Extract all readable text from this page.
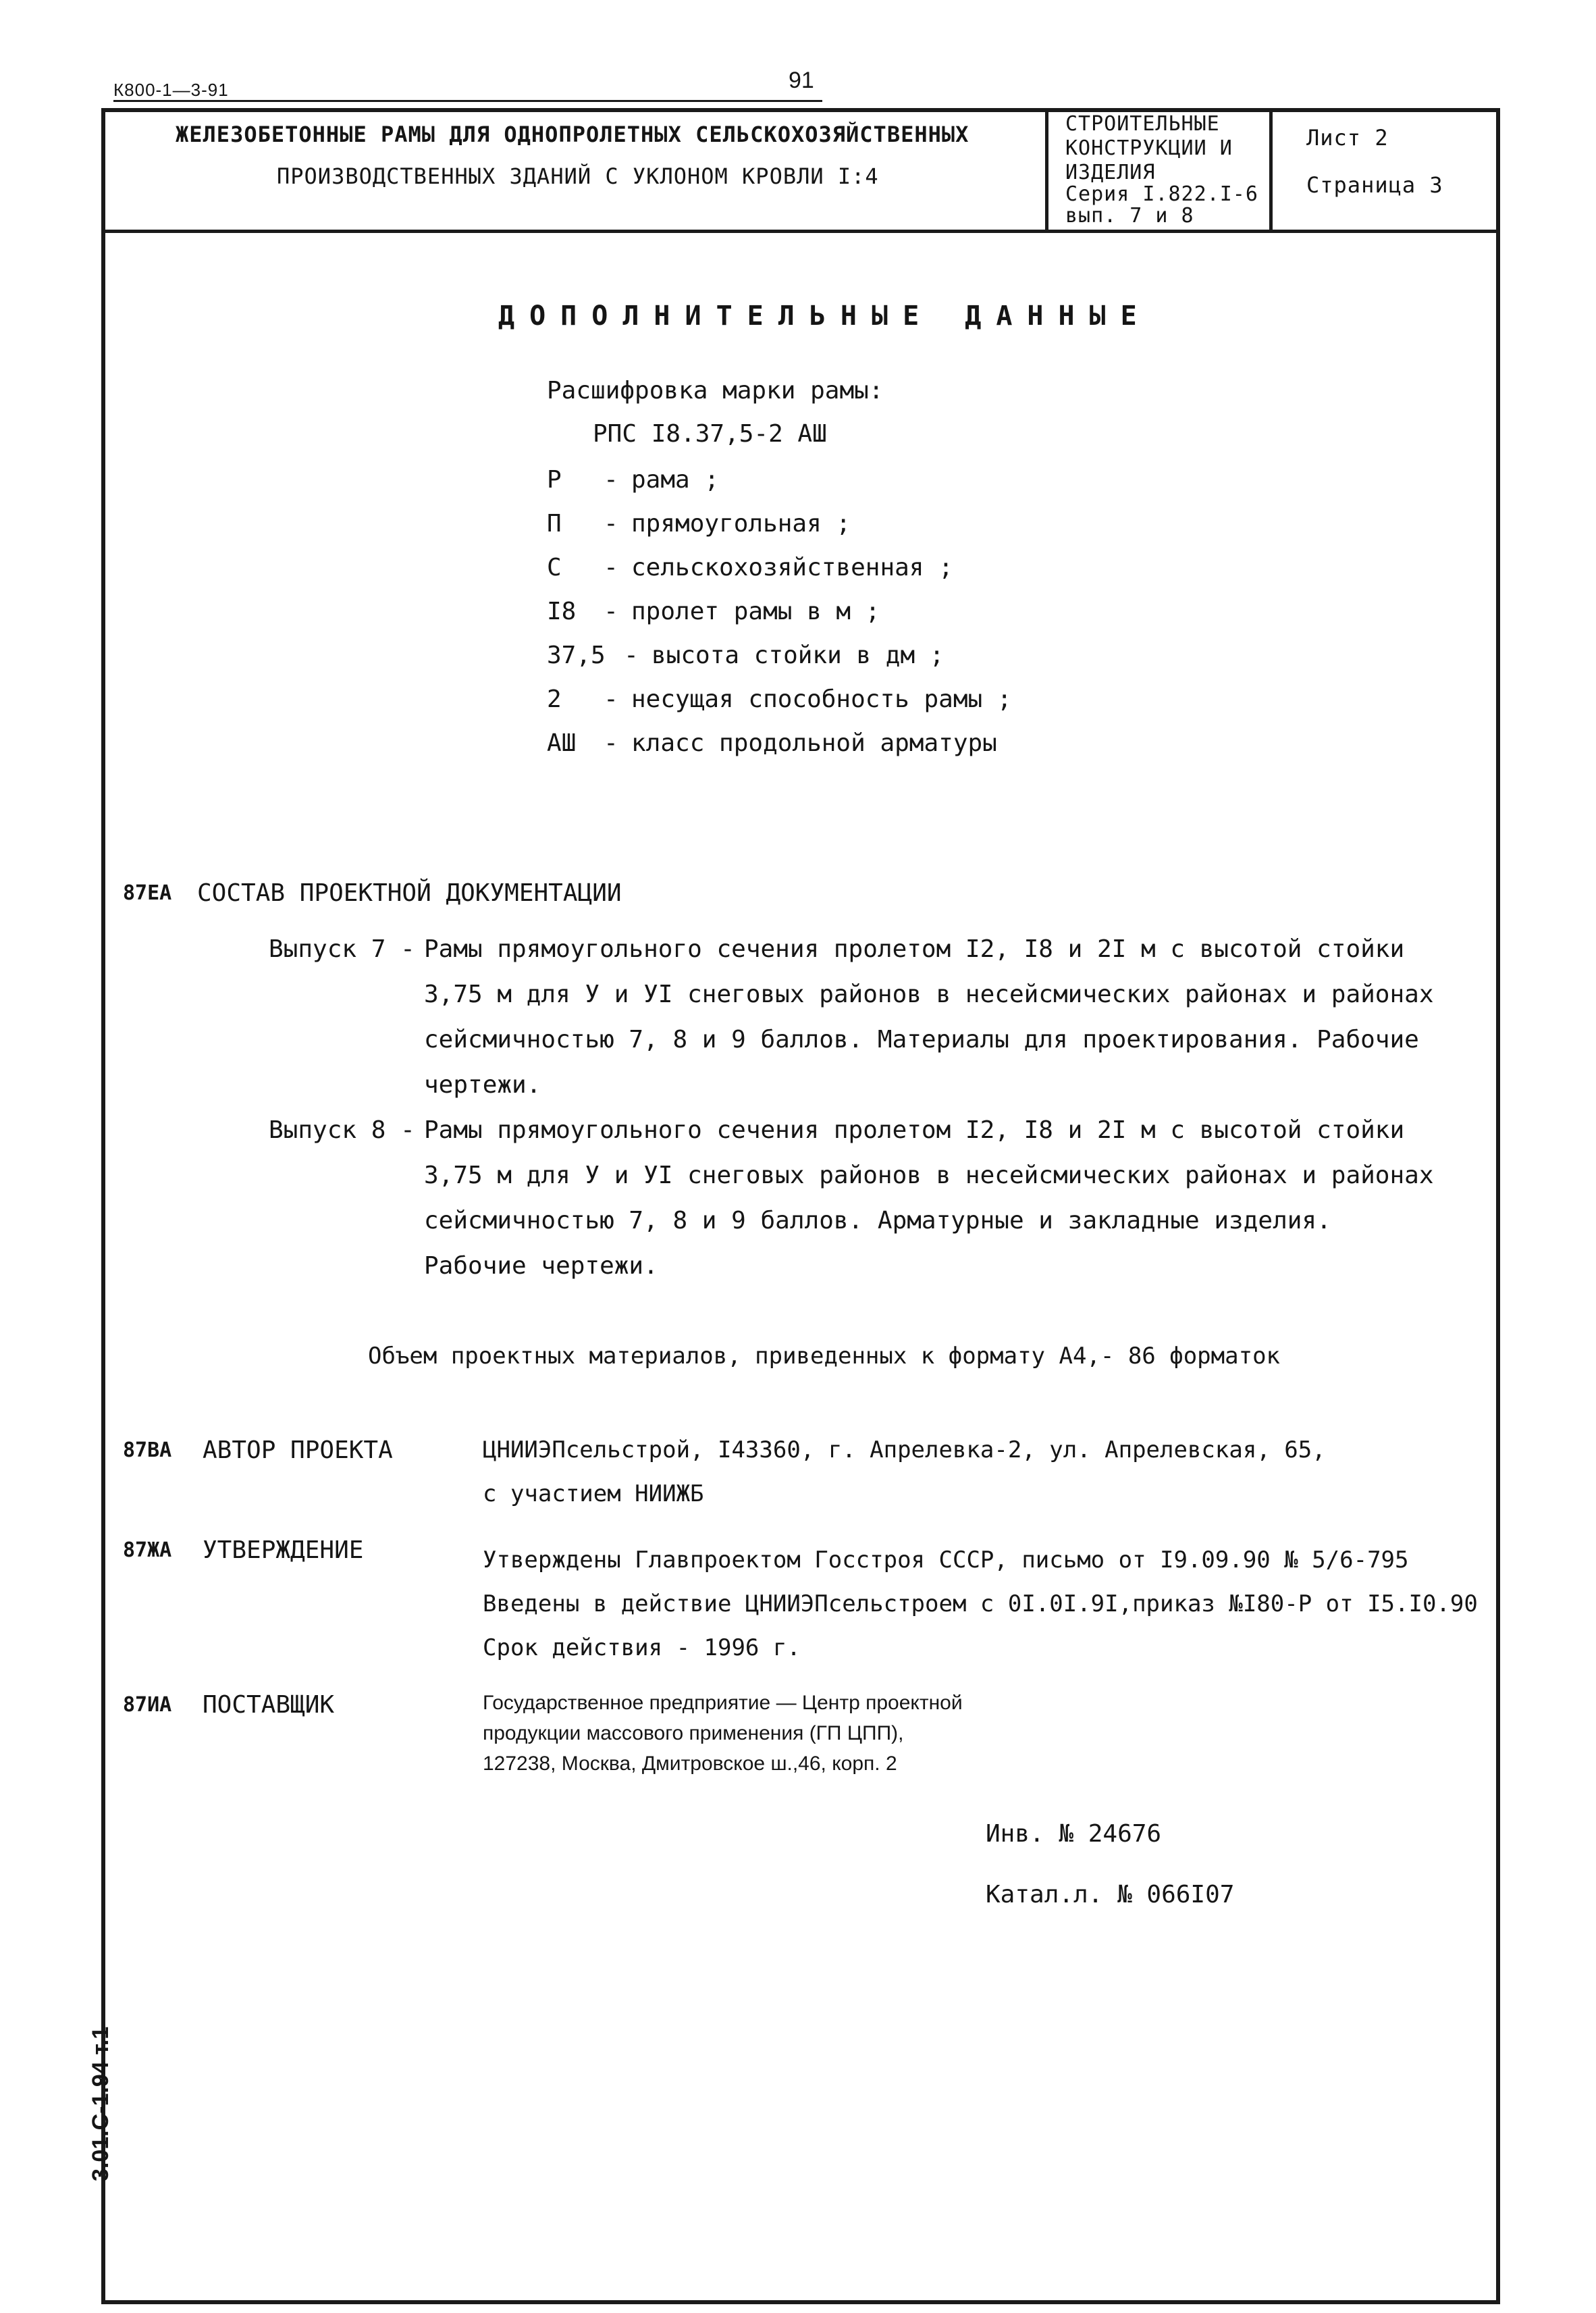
К800-1—3-91	91
ЖЕЛЕЗОБЕТОННЫЕ РАМЫ ДЛЯ ОДНОПРОЛЕТНЫХ СЕЛЬСКОХОЗЯЙСТВЕННЫХ
ПРОИЗВОДСТВЕННЫХ ЗДАНИЙ С УКЛОНОМ КРОВЛИ I:4
СТРОИТЕЛЬНЫЕ
КОНСТРУКЦИИ И
ИЗДЕЛИЯ
Серия I.822.I-6
вып. 7 и 8
Лист 2
Страница 3
ДОПОЛНИТЕЛЬНЫЕ ДАННЫЕ
Расшифровка марки рамы:
РПС I8.37,5-2 АШ
Р - рама ;
П - прямоугольная ;
С - сельскохозяйственная ;
I8 - пролет рамы в м ;
37,5 - высота стойки в дм ;
2 - несущая способность рамы ;
АШ - класс продольной арматуры
87ЕА СОСТАВ ПРОЕКТНОЙ ДОКУМЕНТАЦИИ
Выпуск 7 - Рамы прямоугольного сечения пролетом I2, I8 и 2I м с высотой стойки
3,75 м для У и УI снеговых районов в несейсмических районах и районах
сейсмичностью 7, 8 и 9 баллов. Материалы для проектирования. Рабочие
чертежи.
Выпуск 8 - Рамы прямоугольного сечения пролетом I2, I8 и 2I м с высотой стойки
3,75 м для У и УI снеговых районов в несейсмических районах и районах
сейсмичностью 7, 8 и 9 баллов. Арматурные и закладные изделия.
Рабочие чертежи.
Объем проектных материалов, приведенных к формату А4,- 86 форматок
87ВА АВТОР ПРОЕКТА	ЦНИИЭПсельстрой, I43360, г. Апрелевка-2, ул. Апрелевская, 65,
с участием НИИЖБ
87ЖА УТВЕРЖДЕНИЕ	Утверждены Главпроектом Госстроя СССР, письмо от I9.09.90 № 5/6-795
Введены в действие ЦНИИЭПсельстроем с 0I.0I.9I,приказ №I80-Р от I5.I0.90
Срок действия - 1996 г.
87ИА ПОСТАВЩИК	Государственное предприятие — Центр проектной
продукции массового применения (ГП ЦПП),
127238, Москва, Дмитровское ш.,46, корп. 2
Инв. № 24676
Катал.л. № 066I07
3.01.С-1.94 т.1
